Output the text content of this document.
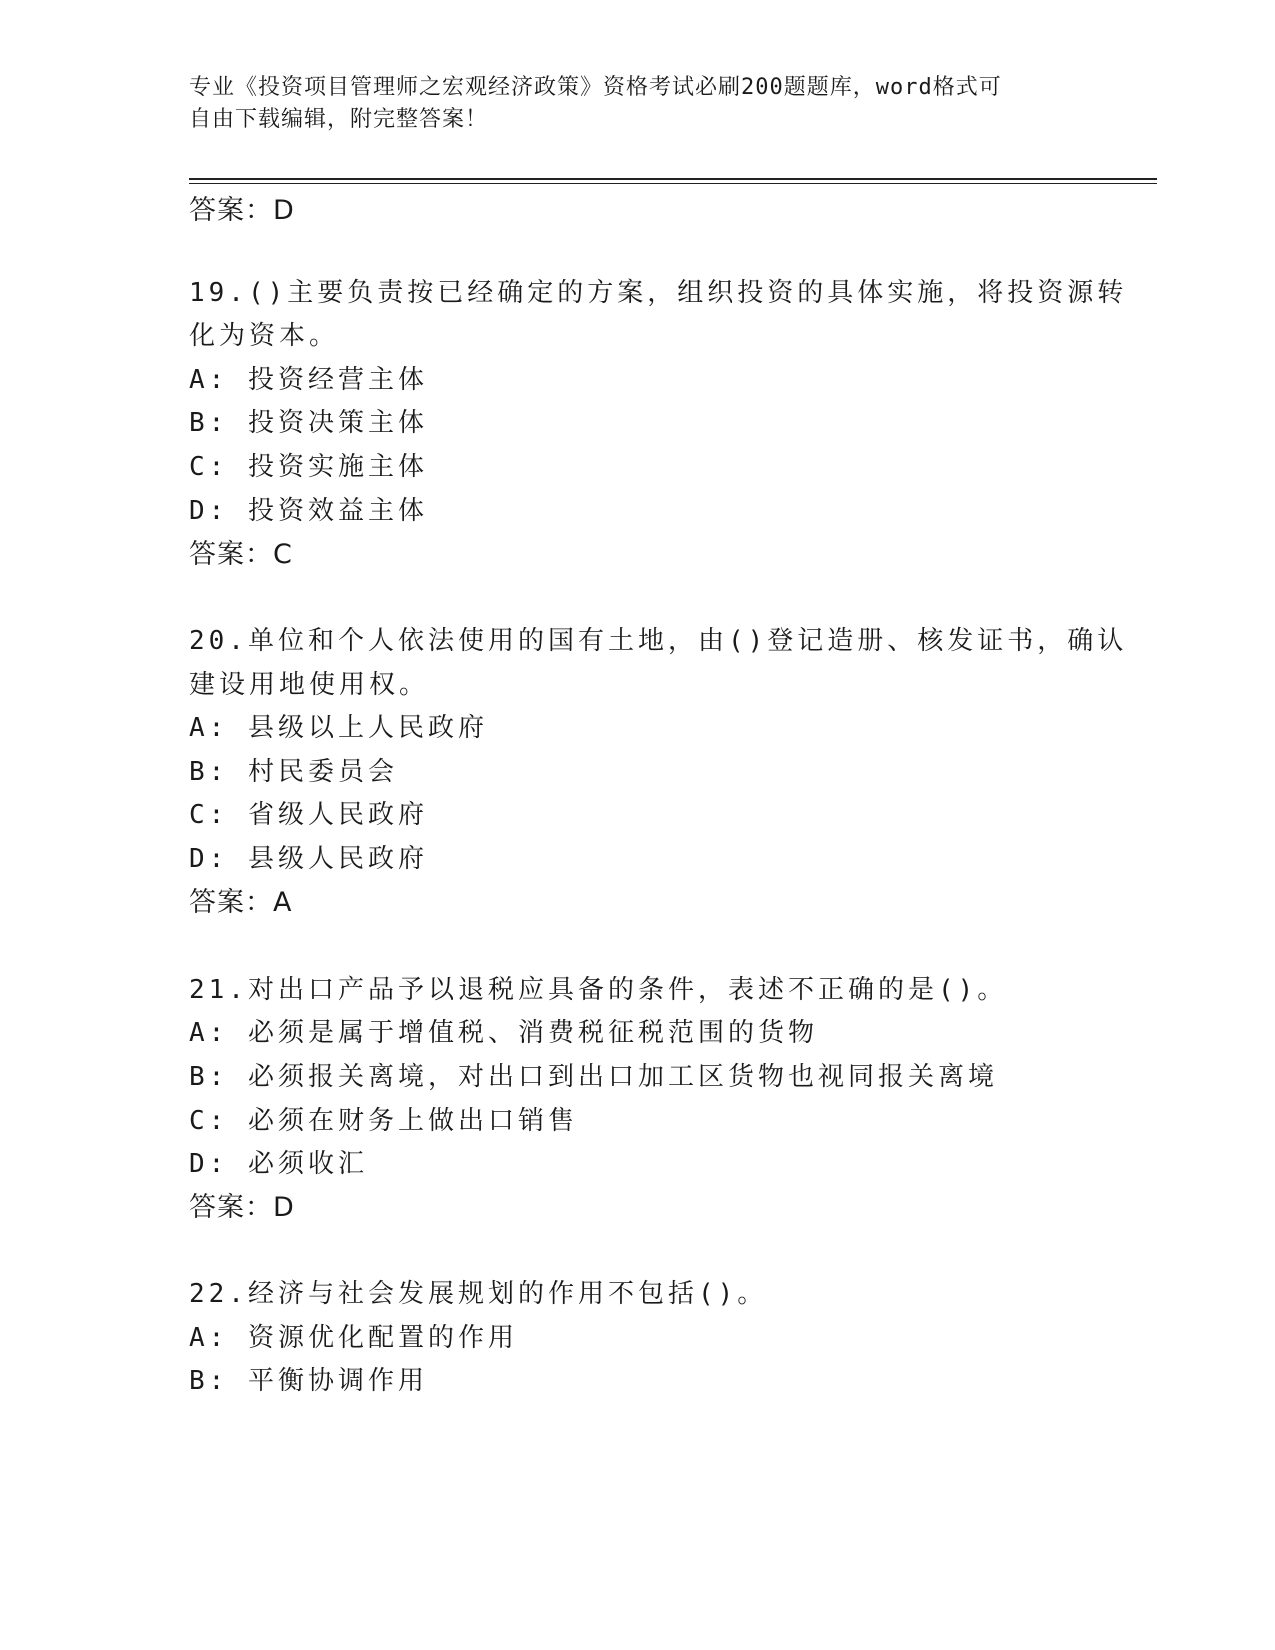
专业《投资项目管理师之宏观经济政策》资格考试必刷200题题库，word格式可
自由下载编辑，附完整答案！
答案：D
19.()主要负责按已经确定的方案，组织投资的具体实施，将投资源转
化为资本。
A: 投资经营主体
B: 投资决策主体
C: 投资实施主体
D: 投资效益主体
答案：C
20.单位和个人依法使用的国有土地，由()登记造册、核发证书，确认
建设用地使用权。
A: 县级以上人民政府
B: 村民委员会
C: 省级人民政府
D: 县级人民政府
答案：A
21.对出口产品予以退税应具备的条件，表述不正确的是()。
A: 必须是属于增值税、消费税征税范围的货物
B: 必须报关离境，对出口到出口加工区货物也视同报关离境
C: 必须在财务上做出口销售
D: 必须收汇
答案：D
22.经济与社会发展规划的作用不包括()。
A: 资源优化配置的作用
B: 平衡协调作用
